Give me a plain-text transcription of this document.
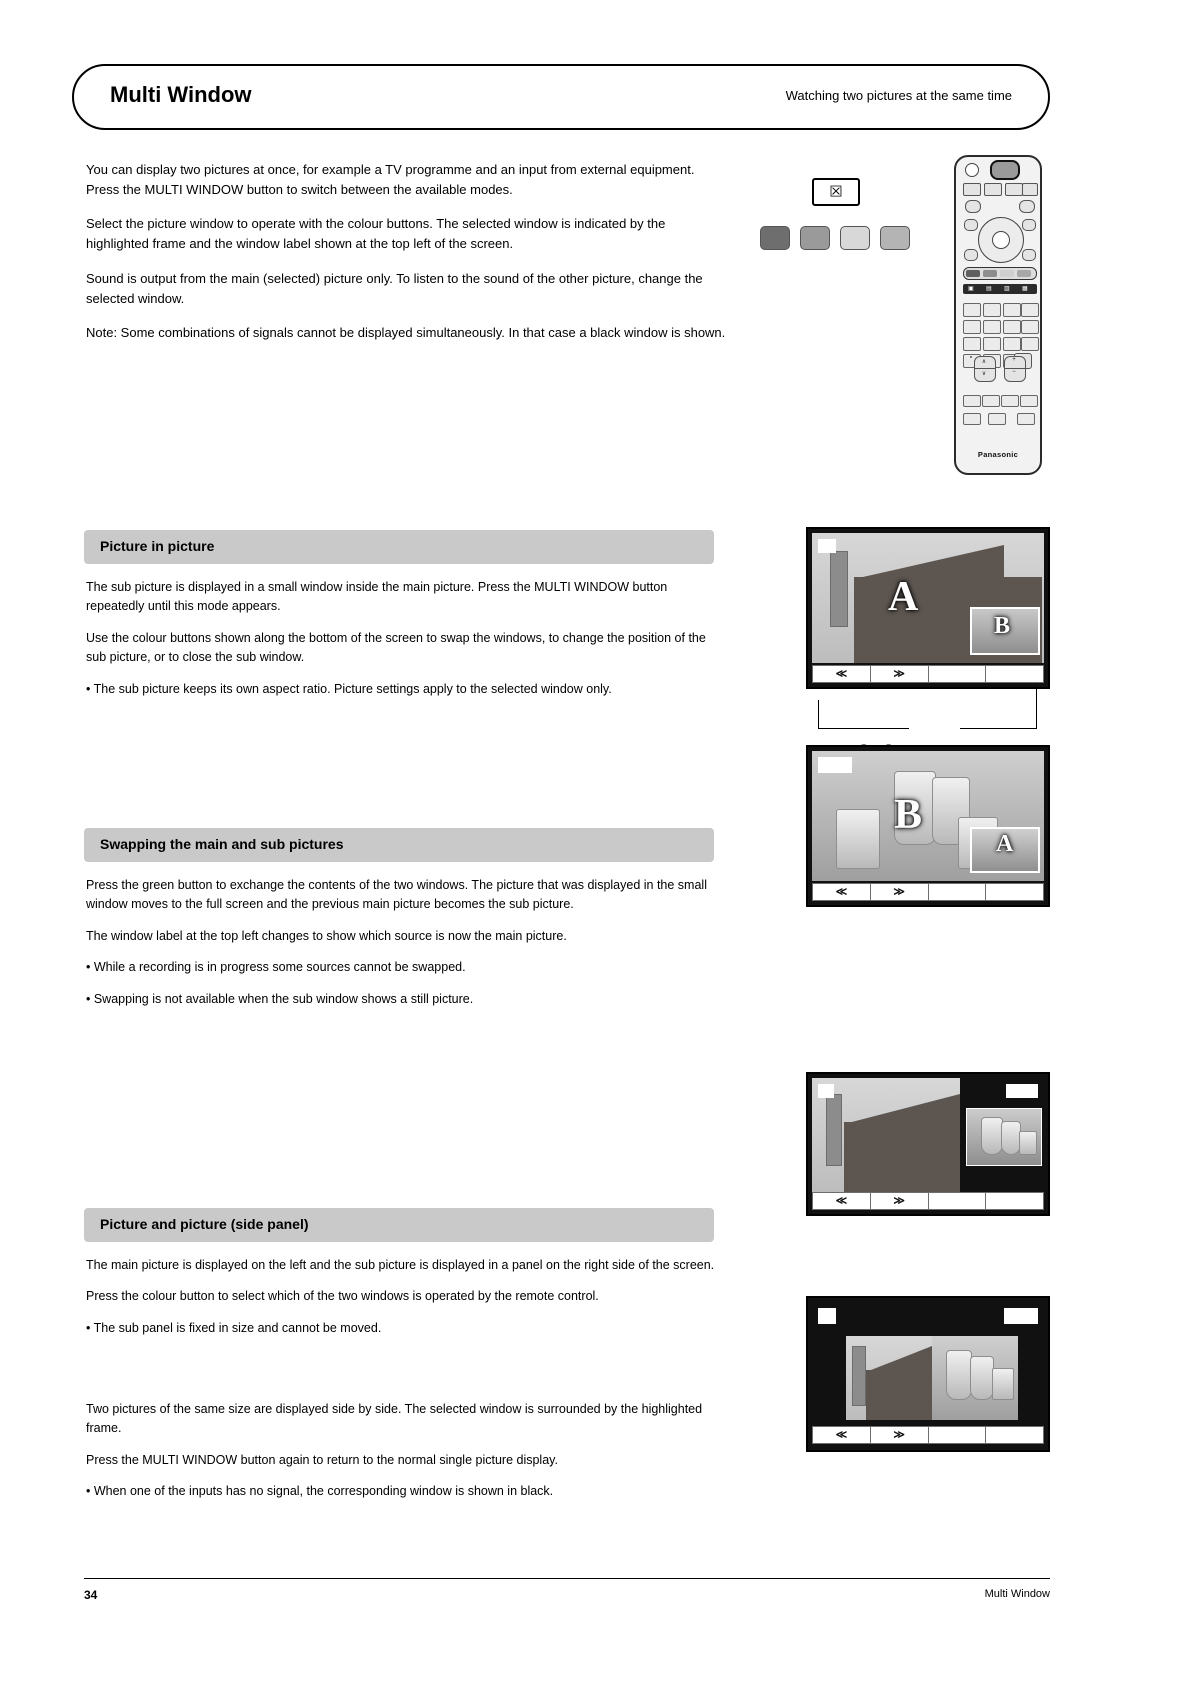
Multi Window	Watching two pictures at the same time

You can display two pictures at once, for example a TV programme and an input from external equipment. Press the MULTI WINDOW button to switch between the available modes.

Select the picture window to operate with the colour buttons. The selected window is indicated by the highlighted frame and the window label shown at the top left of the screen.

Sound is output from the main (selected) picture only. To listen to the sound of the other picture, change the selected window.

Note: Some combinations of signals cannot be displayed simultaneously. In that case a black window is shown.

☒
▣ ▤ ▥ ▦
∧
∨
+
−
Panasonic
Picture in picture

The sub picture is displayed in a small window inside the main picture. Press the MULTI WINDOW button repeatedly until this mode appears.

Use the colour buttons shown along the bottom of the screen to swap the windows, to change the position of the sub picture, or to close the sub window.

• The sub picture keeps its own aspect ratio. Picture settings apply to the selected window only.

Swapping the main and sub pictures

Press the green button to exchange the contents of the two windows. The picture that was displayed in the small window moves to the full screen and the previous main picture becomes the sub picture.

The window label at the top left changes to show which source is now the main picture.

• While a recording is in progress some sources cannot be swapped.

• Swapping is not available when the sub window shows a still picture.

Picture and picture (side panel)

The main picture is displayed on the left and the sub picture is displayed in a panel on the right side of the screen.

Press the colour button to select which of the two windows is operated by the remote control.

• The sub panel is fixed in size and cannot be moved.

Two pictures of the same size are displayed side by side. The selected window is surrounded by the highlighted frame.

Press the MULTI WINDOW button again to return to the normal single picture display.

• When one of the inputs has no signal, the corresponding window is shown in black.

A
B
≪	≫
B
A
≪	≫
≪	≫
≪	≫
34	Multi Window
